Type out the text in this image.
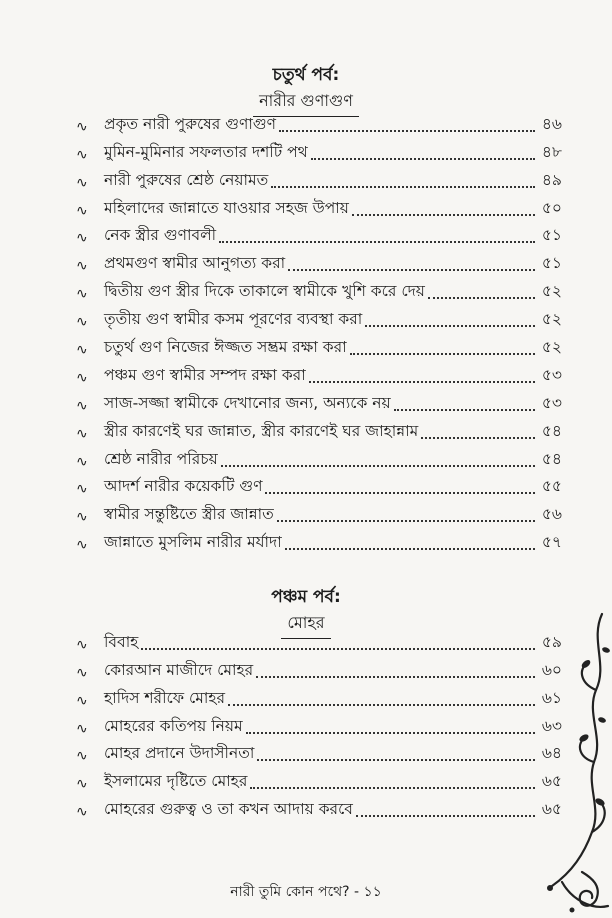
চতুর্থ পর্ব:
নারীর গুণাগুণ
∿	প্রকৃত নারী পুরুষের গুণাগুণ	৪৬
∿	মুমিন-মুমিনার সফলতার দশটি পথ	৪৮
∿	নারী পুরুষের শ্রেষ্ঠ নেয়ামত	৪৯
∿	মহিলাদের জান্নাতে যাওয়ার সহজ উপায়	৫০
∿	নেক স্ত্রীর গুণাবলী	৫১
∿	প্রথমগুণ স্বামীর আনুগত্য করা	৫১
∿	দ্বিতীয় গুণ স্ত্রীর দিকে তাকালে স্বামীকে খুশি করে দেয়	৫২
∿	তৃতীয় গুণ স্বামীর কসম পূরণের ব্যবস্থা করা	৫২
∿	চতুর্থ গুণ নিজের ঈজ্জত সম্ভ্রম রক্ষা করা	৫২
∿	পঞ্চম গুণ স্বামীর সম্পদ রক্ষা করা	৫৩
∿	সাজ-সজ্জা স্বামীকে দেখানোর জন্য, অন্যকে নয়	৫৩
∿	স্ত্রীর কারণেই ঘর জান্নাত, স্ত্রীর কারণেই ঘর জাহান্নাম	৫৪
∿	শ্রেষ্ঠ নারীর পরিচয়	৫৪
∿	আদর্শ নারীর কয়েকটি গুণ	৫৫
∿	স্বামীর সন্তুষ্টিতে স্ত্রীর জান্নাত	৫৬
∿	জান্নাতে মুসলিম নারীর মর্যাদা	৫৭
পঞ্চম পর্ব:
মোহর
∿	বিবাহ	৫৯
∿	কোরআন মাজীদে মোহর	৬০
∿	হাদিস শরীফে মোহর	৬১
∿	মোহরের কতিপয় নিয়ম	৬৩
∿	মোহর প্রদানে উদাসীনতা	৬৪
∿	ইসলামের দৃষ্টিতে মোহর	৬৫
∿	মোহরের গুরুত্ব ও তা কখন আদায় করবে	৬৫
নারী তুমি কোন পথে? - ১১
